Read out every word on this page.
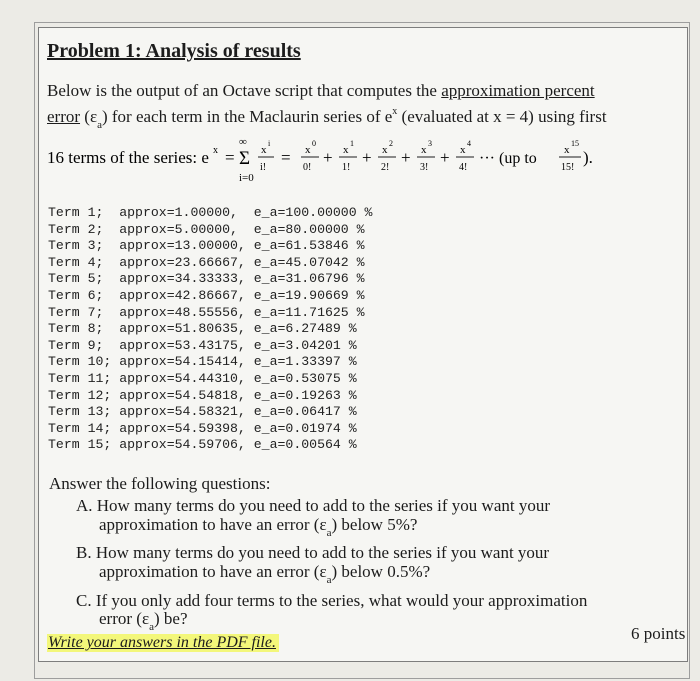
Problem 1: Analysis of results
Below is the output of an Octave script that computes the approximation percent
error $(\varepsilon_a)$ for each term in the Maclaurin series of $e^x$ (evaluated at x = 4) using first
16 terms of the series: e x =
∞
Σ
i=0
x
i
i!
= x
0
0!
+ x
1
1!
+ x
2
2!
+ x
3
3!
+ x
4
4!
··· (up to x
15
15!
).
Term 1;  approx=1.00000,  e_a=100.00000 %
Term 2;  approx=5.00000,  e_a=80.00000 %
Term 3;  approx=13.00000, e_a=61.53846 %
Term 4;  approx=23.66667, e_a=45.07042 %
Term 5;  approx=34.33333, e_a=31.06796 %
Term 6;  approx=42.86667, e_a=19.90669 %
Term 7;  approx=48.55556, e_a=11.71625 %
Term 8;  approx=51.80635, e_a=6.27489 %
Term 9;  approx=53.43175, e_a=3.04201 %
Term 10; approx=54.15414, e_a=1.33397 %
Term 11; approx=54.44310, e_a=0.53075 %
Term 12; approx=54.54818, e_a=0.19263 %
Term 13; approx=54.58321, e_a=0.06417 %
Term 14; approx=54.59398, e_a=0.01974 %
Term 15; approx=54.59706, e_a=0.00564 %
Answer the following questions:
A. How many terms do you need to add to the series if you want your
approximation to have an error $(\varepsilon_a)$ below 5%?
B. How many terms do you need to add to the series if you want your
approximation to have an error $(\varepsilon_a)$ below 0.5%?
C. If you only add four terms to the series, what would your approximation
error $(\varepsilon_a)$ be?
Write your answers in the PDF file.	6 points
